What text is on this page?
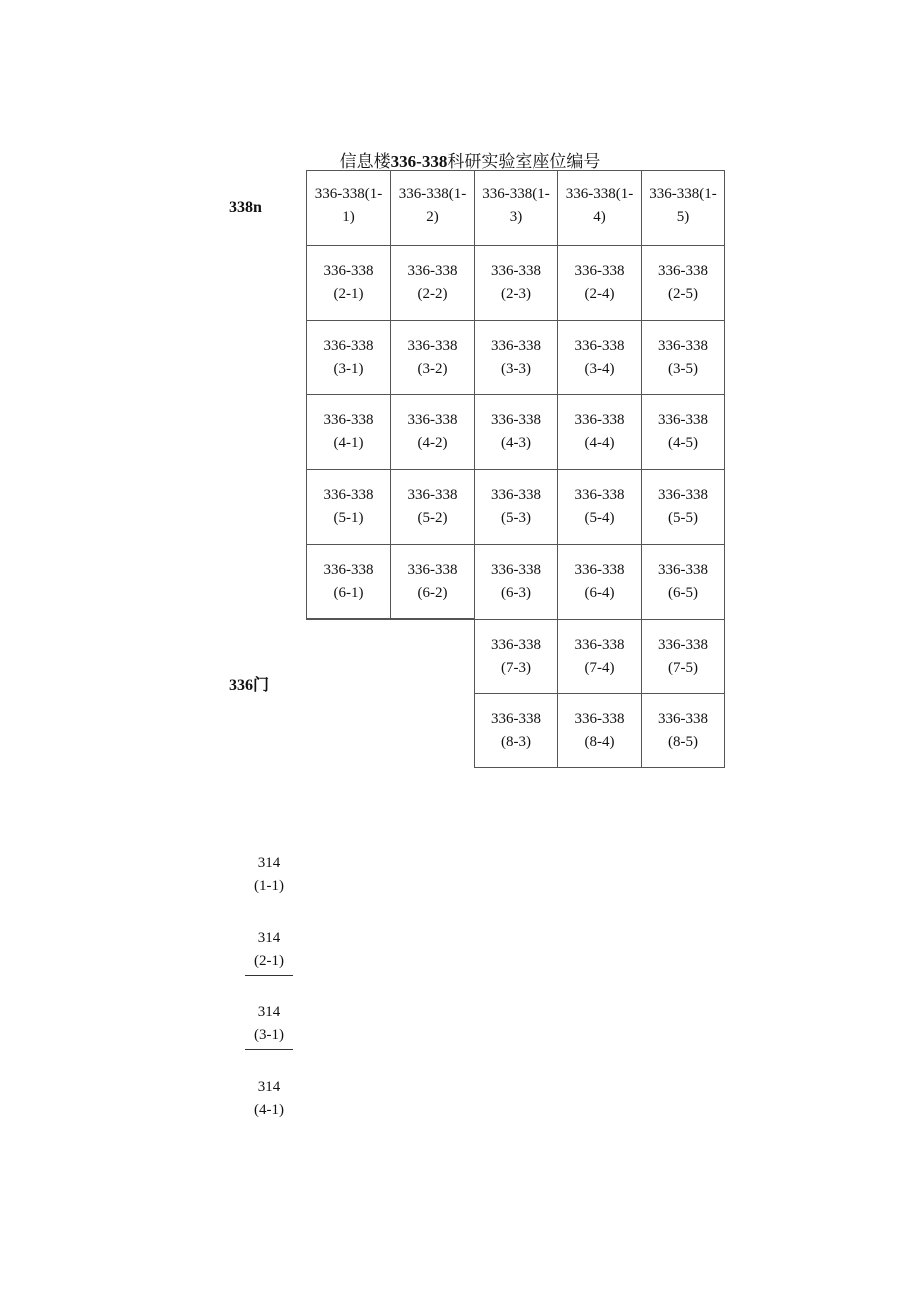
信息楼336-338科研实验室座位编号
338n
336门
336-338(1-
1)
336-338(1-
2)
336-338(1-
3)
336-338(1-
4)
336-338(1-
5)
336-338
(2-1)
336-338
(2-2)
336-338
(2-3)
336-338
(2-4)
336-338
(2-5)
336-338
(3-1)
336-338
(3-2)
336-338
(3-3)
336-338
(3-4)
336-338
(3-5)
336-338
(4-1)
336-338
(4-2)
336-338
(4-3)
336-338
(4-4)
336-338
(4-5)
336-338
(5-1)
336-338
(5-2)
336-338
(5-3)
336-338
(5-4)
336-338
(5-5)
336-338
(6-1)
336-338
(6-2)
336-338
(6-3)
336-338
(6-4)
336-338
(6-5)
336-338
(7-3)
336-338
(7-4)
336-338
(7-5)
336-338
(8-3)
336-338
(8-4)
336-338
(8-5)
314
(1-1)
314
(2-1)
314
(3-1)
314
(4-1)
